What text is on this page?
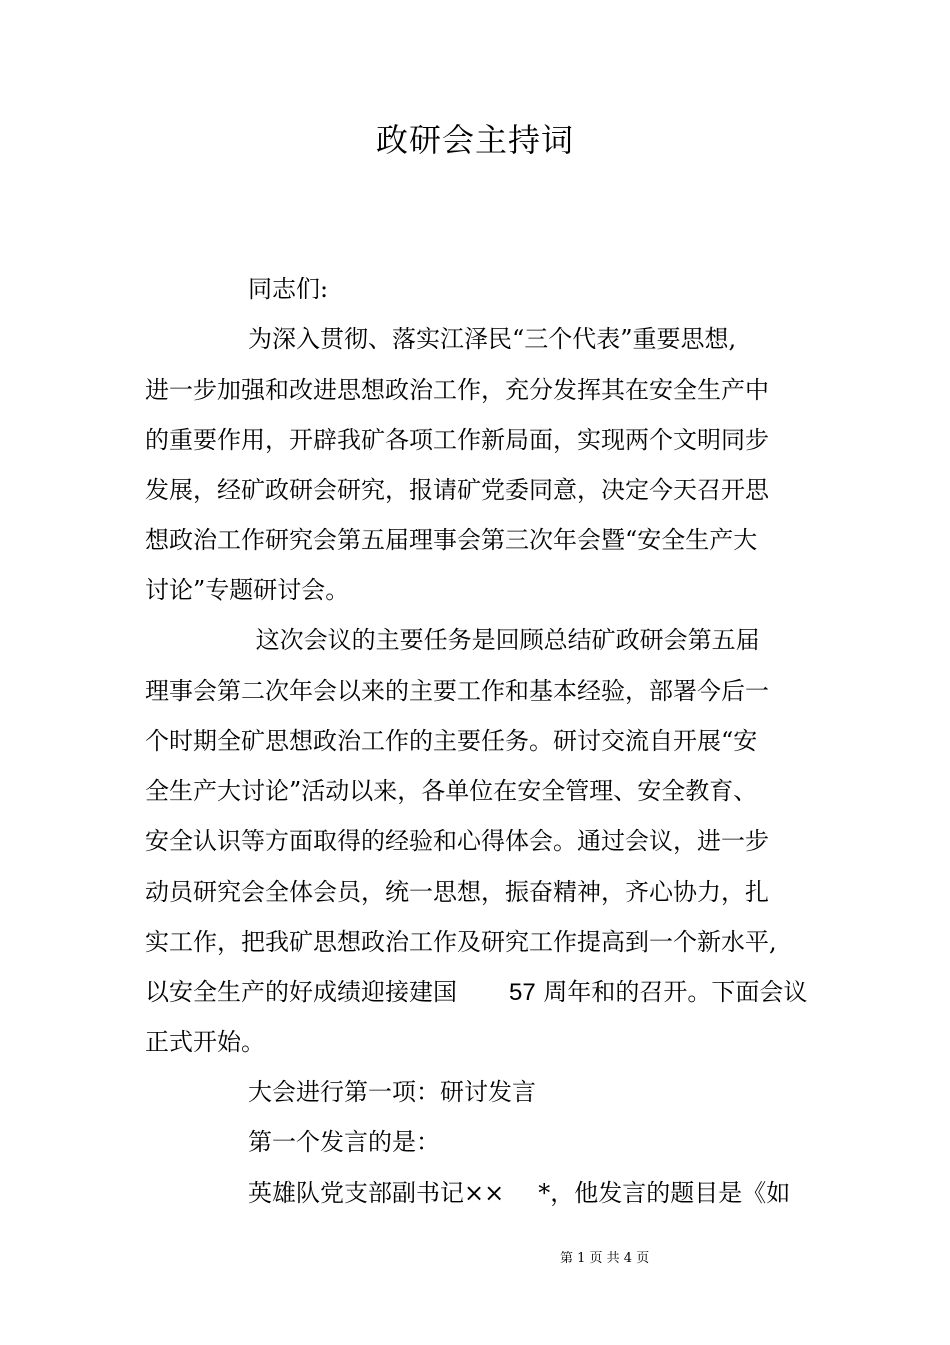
政研会主持词
同志们:
为深入贯彻、落实江泽民“三个代表”重要思想,
进一步加强和改进思想政治工作，充分发挥其在安全生产中
的重要作用，开辟我矿各项工作新局面，实现两个文明同步
发展，经矿政研会研究，报请矿党委同意，决定今天召开思
想政治工作研究会第五届理事会第三次年会暨“安全生产大
讨论”专题研讨会。
这次会议的主要任务是回顾总结矿政研会第五届
理事会第二次年会以来的主要工作和基本经验，部署今后一
个时期全矿思想政治工作的主要任务。研讨交流自开展“安
全生产大讨论”活动以来，各单位在安全管理、安全教育、
安全认识等方面取得的经验和心得体会。通过会议，进一步
动员研究会全体会员，统一思想，振奋精神，齐心协力，扎
实工作，把我矿思想政治工作及研究工作提高到一个新水平,
以安全生产的好成绩迎接建国 57 周年和的召开。下面会议
正式开始。
大会进行第一项：研讨发言
第一个发言的是：
英雄队党支部副书记×× *，他发言的题目是《如
第 1 页 共 4 页
